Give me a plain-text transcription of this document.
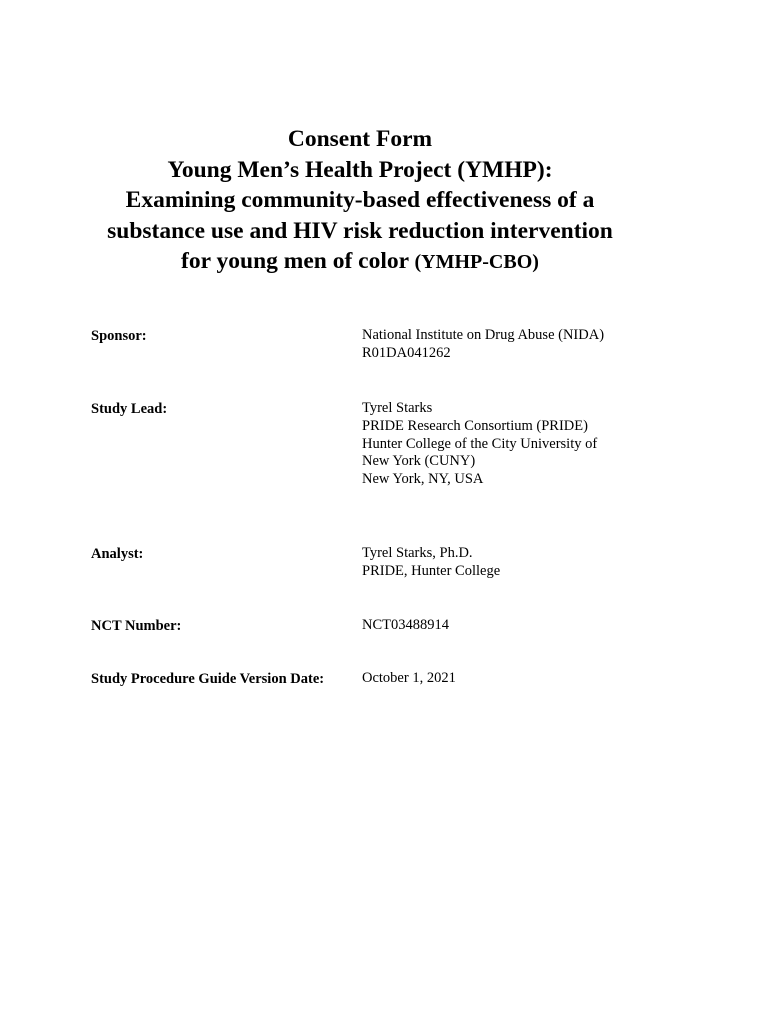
Consent Form
Young Men’s Health Project (YMHP):
Examining community-based effectiveness of a
substance use and HIV risk reduction intervention
for young men of color (YMHP-CBO)
Sponsor:	National Institute on Drug Abuse (NIDA)
R01DA041262
Study Lead:	Tyrel Starks
PRIDE Research Consortium (PRIDE)
Hunter College of the City University of
New York (CUNY)
New York, NY, USA
Analyst:	Tyrel Starks, Ph.D.
PRIDE, Hunter College
NCT Number:	NCT03488914
Study Procedure Guide Version Date:	October 1, 2021
